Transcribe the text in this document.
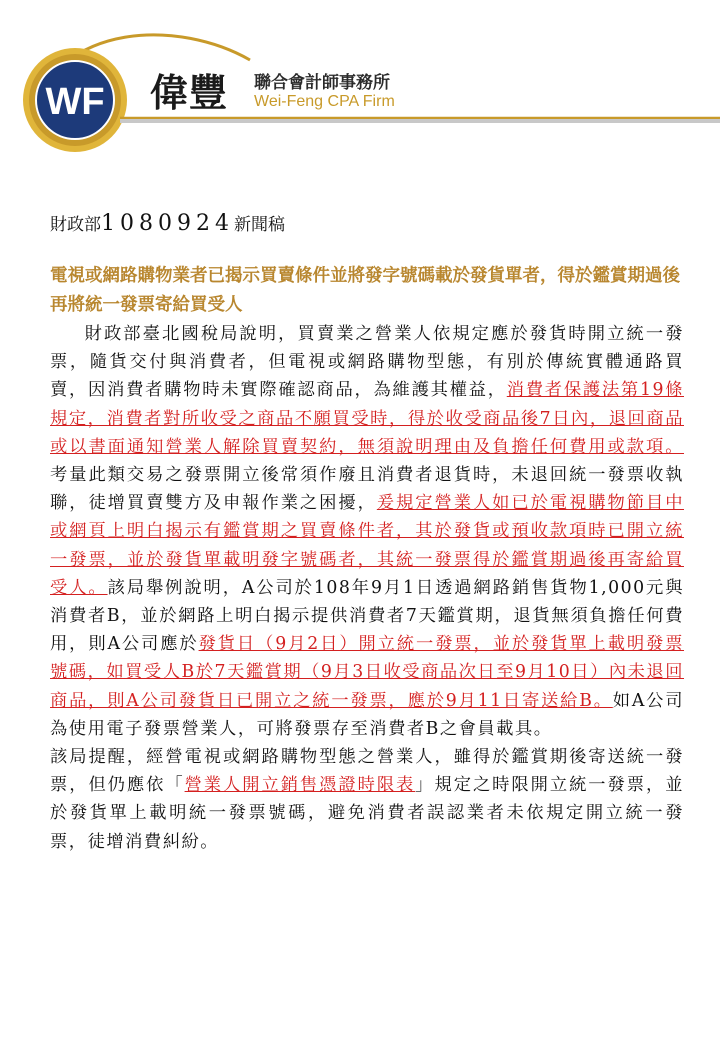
WF 偉豐 聯合會計師事務所
Wei-Feng CPA Firm
財政部1080924新聞稿
電視或網路購物業者已揭示買賣條件並將發字號碼載於發貨單者，得於鑑賞期過後再將統一發票寄給買受人

財政部臺北國稅局說明，買賣業之營業人依規定應於發貨時開立統一發票，隨貨交付與消費者，但電視或網路購物型態，有別於傳統實體通路買賣，因消費者購物時未實際確認商品，為維護其權益，消費者保護法第19條規定，消費者對所收受之商品不願買受時，得於收受商品後7日內，退回商品或以書面通知營業人解除買賣契約，無須說明理由及負擔任何費用或款項。考量此類交易之發票開立後常須作廢且消費者退貨時，未退回統一發票收執聯，徒增買賣雙方及申報作業之困擾，爰規定營業人如已於電視購物節目中或網頁上明白揭示有鑑賞期之買賣條件者，其於發貨或預收款項時已開立統一發票，並於發貨單載明發字號碼者，其統一發票得於鑑賞期過後再寄給買受人。該局舉例說明，A公司於108年9月1日透過網路銷售貨物1,000元與消費者B，並於網路上明白揭示提供消費者7天鑑賞期，退貨無須負擔任何費用，則A公司應於發貨日（9月2日）開立統一發票，並於發貨單上載明發票號碼，如買受人B於7天鑑賞期（9月3日收受商品次日至9月10日）內未退回商品，則A公司發貨日已開立之統一發票，應於9月11日寄送給B。如A公司為使用電子發票營業人，可將發票存至消費者B之會員載具。

該局提醒，經營電視或網路購物型態之營業人，雖得於鑑賞期後寄送統一發票，但仍應依「營業人開立銷售憑證時限表」規定之時限開立統一發票，並於發貨單上載明統一發票號碼，避免消費者誤認業者未依規定開立統一發票，徒增消費糾紛。
